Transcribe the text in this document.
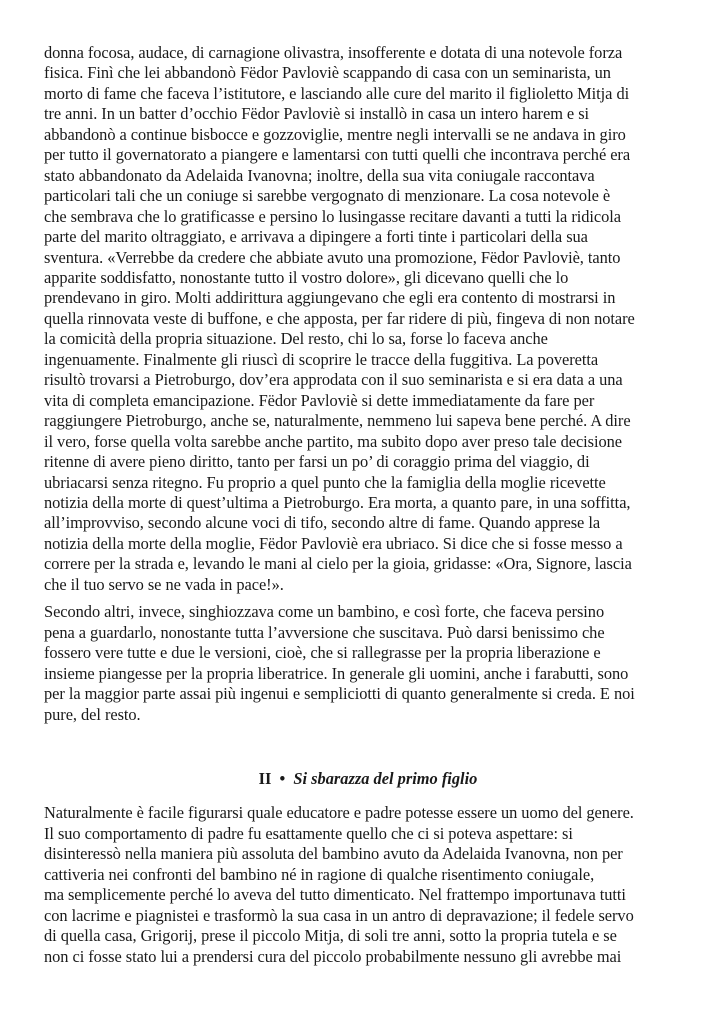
donna focosa, audace, di carnagione olivastra, insofferente e dotata di una notevole forza
fisica. Finì che lei abbandonò Fëdor Pavloviè scappando di casa con un seminarista, un
morto di fame che faceva l’istitutore, e lasciando alle cure del marito il figlioletto Mitja di
tre anni. In un batter d’occhio Fëdor Pavloviè si installò in casa un intero harem e si
abbandonò a continue bisbocce e gozzoviglie, mentre negli intervalli se ne andava in giro
per tutto il governatorato a piangere e lamentarsi con tutti quelli che incontrava perché era
stato abbandonato da Adelaida Ivanovna; inoltre, della sua vita coniugale raccontava
particolari tali che un coniuge si sarebbe vergognato di menzionare. La cosa notevole è
che sembrava che lo gratificasse e persino lo lusingasse recitare davanti a tutti la ridicola
parte del marito oltraggiato, e arrivava a dipingere a forti tinte i particolari della sua
sventura. «Verrebbe da credere che abbiate avuto una promozione, Fëdor Pavloviè, tanto
apparite soddisfatto, nonostante tutto il vostro dolore», gli dicevano quelli che lo
prendevano in giro. Molti addirittura aggiungevano che egli era contento di mostrarsi in
quella rinnovata veste di buffone, e che apposta, per far ridere di più, fingeva di non notare
la comicità della propria situazione. Del resto, chi lo sa, forse lo faceva anche
ingenuamente. Finalmente gli riuscì di scoprire le tracce della fuggitiva. La poveretta
risultò trovarsi a Pietroburgo, dov’era approdata con il suo seminarista e si era data a una
vita di completa emancipazione. Fëdor Pavloviè si dette immediatamente da fare per
raggiungere Pietroburgo, anche se, naturalmente, nemmeno lui sapeva bene perché. A dire
il vero, forse quella volta sarebbe anche partito, ma subito dopo aver preso tale decisione
ritenne di avere pieno diritto, tanto per farsi un po’ di coraggio prima del viaggio, di
ubriacarsi senza ritegno. Fu proprio a quel punto che la famiglia della moglie ricevette
notizia della morte di quest’ultima a Pietroburgo. Era morta, a quanto pare, in una soffitta,
all’improvviso, secondo alcune voci di tifo, secondo altre di fame. Quando apprese la
notizia della morte della moglie, Fëdor Pavloviè era ubriaco. Si dice che si fosse messo a
correre per la strada e, levando le mani al cielo per la gioia, gridasse: «Ora, Signore, lascia
che il tuo servo se ne vada in pace!».

Secondo altri, invece, singhiozzava come un bambino, e così forte, che faceva persino
pena a guardarlo, nonostante tutta l’avversione che suscitava. Può darsi benissimo che
fossero vere tutte e due le versioni, cioè, che si rallegrasse per la propria liberazione e
insieme piangesse per la propria liberatrice. In generale gli uomini, anche i farabutti, sono
per la maggior parte assai più ingenui e sempliciotti di quanto generalmente si creda. E noi
pure, del resto.

II • Si sbarazza del primo figlio

Naturalmente è facile figurarsi quale educatore e padre potesse essere un uomo del genere.
Il suo comportamento di padre fu esattamente quello che ci si poteva aspettare: si
disinteressò nella maniera più assoluta del bambino avuto da Adelaida Ivanovna, non per
cattiveria nei confronti del bambino né in ragione di qualche risentimento coniugale,
ma semplicemente perché lo aveva del tutto dimenticato. Nel frattempo importunava tutti
con lacrime e piagnistei e trasformò la sua casa in un antro di depravazione; il fedele servo
di quella casa, Grigorij, prese il piccolo Mitja, di soli tre anni, sotto la propria tutela e se
non ci fosse stato lui a prendersi cura del piccolo probabilmente nessuno gli avrebbe mai
